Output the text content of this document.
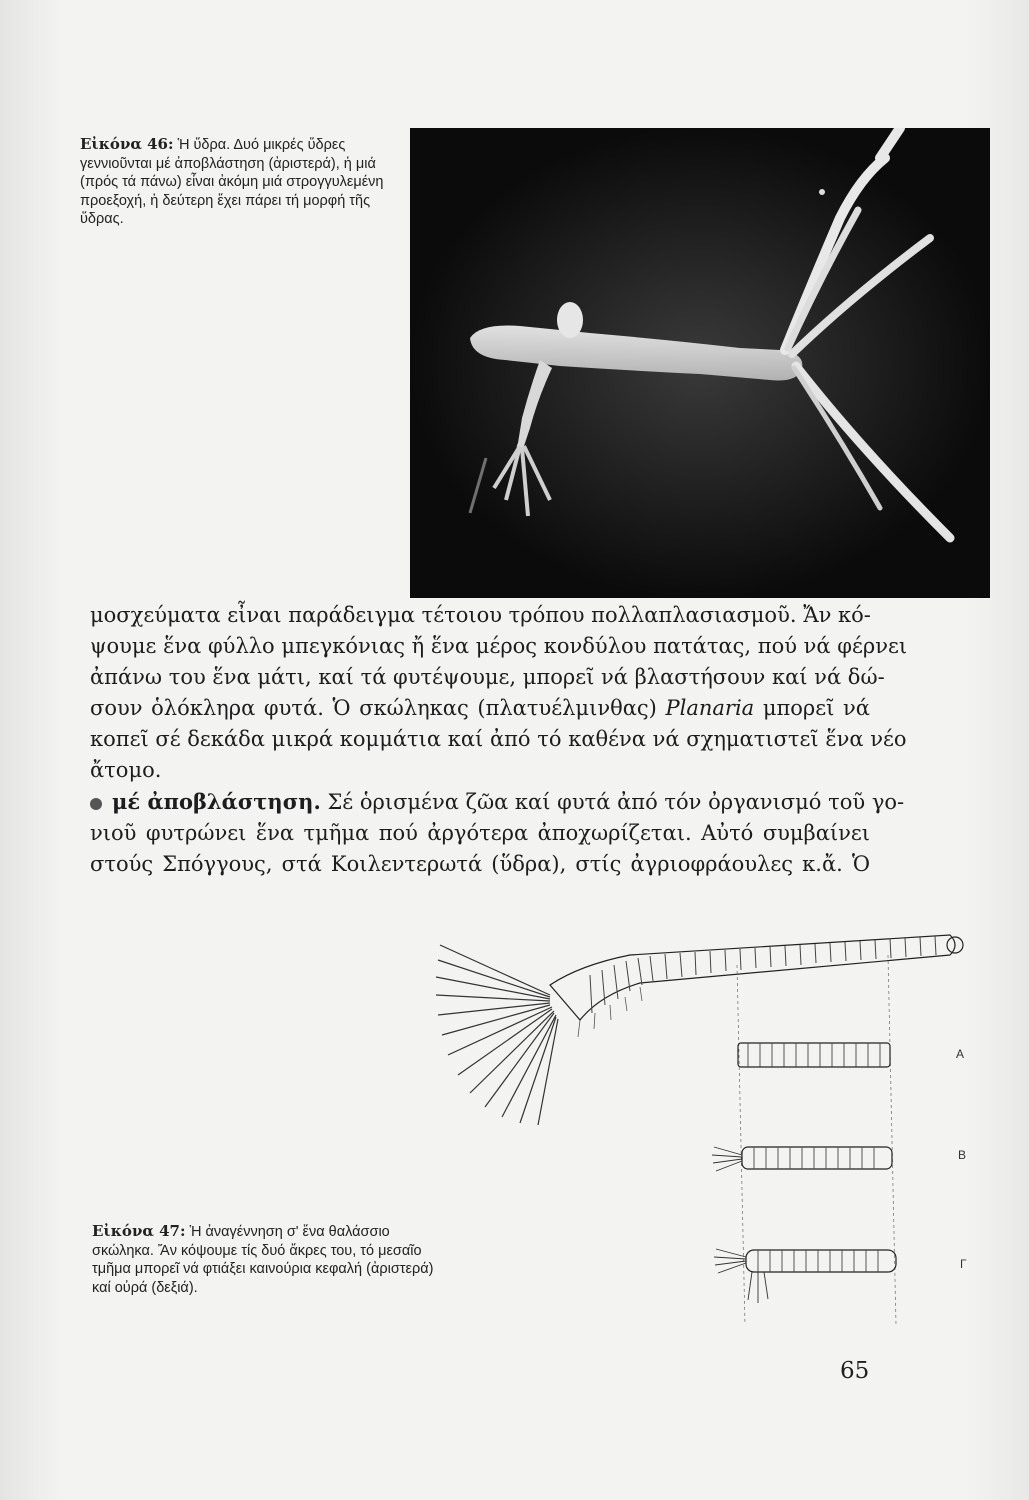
Εἰκόνα 46: Ἡ ὕδρα. Δυό μικρές ὕδρες γεννιοῦνται μέ ἀποβλάστηση (ἀριστερά), ἡ μιά (πρός τά πάνω) εἶναι ἀκόμη μιά στρογγυλεμένη προεξοχή, ἡ δεύτερη ἔχει πάρει τή μορφή τῆς ὕδρας.
μοσχεύματα εἶναι παράδειγμα τέτοιου τρόπου πολλαπλασιασμοῦ. Ἄν κό-
ψουμε ἕνα φύλλο μπεγκόνιας ἤ ἕνα μέρος κονδύλου πατάτας, πού νά φέρνει
ἀπάνω του ἕνα μάτι, καί τά φυτέψουμε, μπορεῖ νά βλαστήσουν καί νά δώ-
σουν ὁλόκληρα φυτά. Ὁ σκώληκας (πλατυέλμινθας) Planaria μπορεῖ νά
κοπεῖ σέ δεκάδα μικρά κομμάτια καί ἀπό τό καθένα νά σχηματιστεῖ ἕνα νέο
ἄτομο.
μέ ἀποβλάστηση. Σέ ὁρισμένα ζῶα καί φυτά ἀπό τόν ὀργανισμό τοῦ γο-
νιοῦ φυτρώνει ἕνα τμῆμα πού ἀργότερα ἀποχωρίζεται. Αὐτό συμβαίνει
στούς Σπόγγους, στά Κοιλεντερωτά (ὕδρα), στίς ἀγριοφράουλες κ.ἄ. Ὁ
Α
Β
Γ
Εἰκόνα 47: Ἡ ἀναγέννηση σ' ἕνα θαλάσσιο σκώληκα. Ἄν κόψουμε τίς δυό ἄκρες του, τό μεσαῖο τμῆμα μπορεῖ νά φτιάξει καινούρια κεφαλή (ἀριστερά) καί οὐρά (δεξιά).
65
